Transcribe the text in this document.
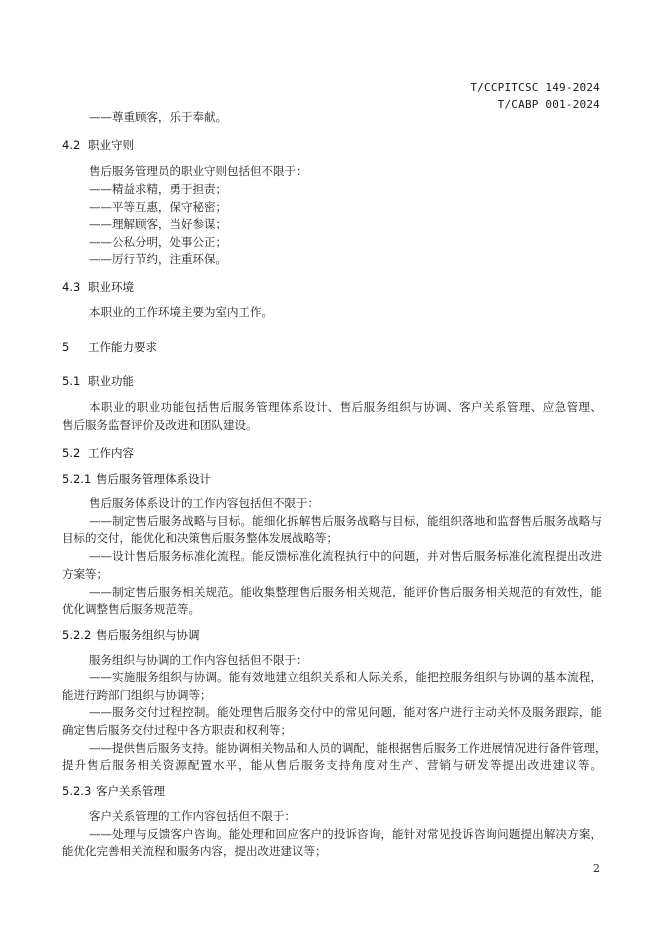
T/CCPITCSC 149-2024
T/CABP 001-2024
——尊重顾客，乐于奉献。
4.2 职业守则
售后服务管理员的职业守则包括但不限于：
——精益求精，勇于担责；
——平等互惠，保守秘密；
——理解顾客，当好参谋；
——公私分明，处事公正；
——厉行节约，注重环保。
4.3 职业环境
本职业的工作环境主要为室内工作。
5 工作能力要求
5.1 职业功能
本职业的职业功能包括售后服务管理体系设计、售后服务组织与协调、客户关系管理、应急管理、
售后服务监督评价及改进和团队建设。
5.2 工作内容
5.2.1 售后服务管理体系设计
售后服务体系设计的工作内容包括但不限于：
——制定售后服务战略与目标。能细化拆解售后服务战略与目标，能组织落地和监督售后服务战略与
目标的交付，能优化和决策售后服务整体发展战略等；
——设计售后服务标准化流程。能反馈标准化流程执行中的问题，并对售后服务标准化流程提出改进
方案等；
——制定售后服务相关规范。能收集整理售后服务相关规范，能评价售后服务相关规范的有效性，能
优化调整售后服务规范等。
5.2.2 售后服务组织与协调
服务组织与协调的工作内容包括但不限于：
——实施服务组织与协调。能有效地建立组织关系和人际关系，能把控服务组织与协调的基本流程，
能进行跨部门组织与协调等；
——服务交付过程控制。能处理售后服务交付中的常见问题，能对客户进行主动关怀及服务跟踪，能
确定售后服务交付过程中各方职责和权利等；
——提供售后服务支持。能协调相关物品和人员的调配，能根据售后服务工作进展情况进行备件管理，
提升售后服务相关资源配置水平，能从售后服务支持角度对生产、营销与研发等提出改进建议等。
5.2.3 客户关系管理
客户关系管理的工作内容包括但不限于：
——处理与反馈客户咨询。能处理和回应客户的投诉咨询，能针对常见投诉咨询问题提出解决方案，
能优化完善相关流程和服务内容，提出改进建议等；
2
